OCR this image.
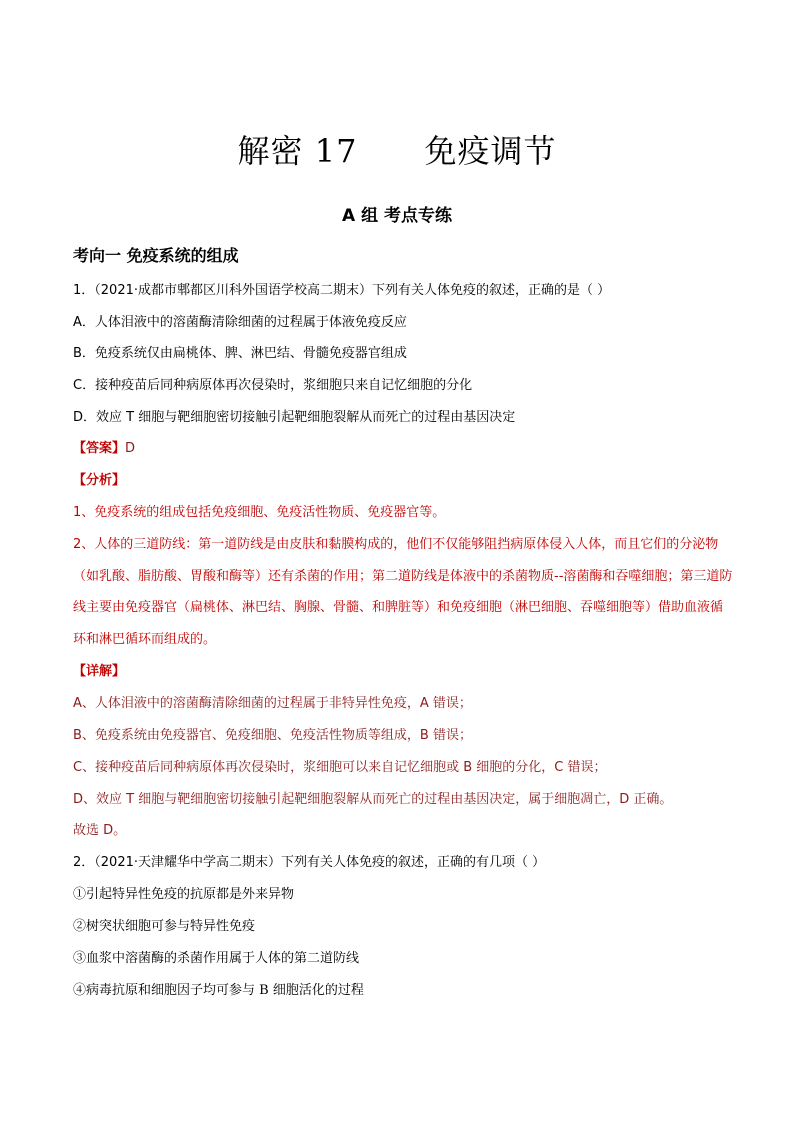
解密 17      免疫调节
A 组 考点专练
考向一 免疫系统的组成
1．（2021·成都市郫都区川科外国语学校高二期末）下列有关人体免疫的叙述，正确的是（ ）
A．人体泪液中的溶菌酶清除细菌的过程属于体液免疫反应
B．免疫系统仅由扁桃体、脾、淋巴结、骨髓免疫器官组成
C．接种疫苗后同种病原体再次侵染时，浆细胞只来自记忆细胞的分化
D．效应 T 细胞与靶细胞密切接触引起靶细胞裂解从而死亡的过程由基因决定
【答案】D
【分析】
1、免疫系统的组成包括免疫细胞、免疫活性物质、免疫器官等。
2、人体的三道防线：第一道防线是由皮肤和黏膜构成的，他们不仅能够阻挡病原体侵入人体，而且它们的分泌物（如乳酸、脂肪酸、胃酸和酶等）还有杀菌的作用；第二道防线是体液中的杀菌物质--溶菌酶和吞噬细胞；第三道防线主要由免疫器官（扁桃体、淋巴结、胸腺、骨髓、和脾脏等）和免疫细胞（淋巴细胞、吞噬细胞等）借助血液循环和淋巴循环而组成的。
【详解】
A、人体泪液中的溶菌酶清除细菌的过程属于非特异性免疫，A 错误；
B、免疫系统由免疫器官、免疫细胞、免疫活性物质等组成，B 错误；
C、接种疫苗后同种病原体再次侵染时，浆细胞可以来自记忆细胞或 B 细胞的分化，C 错误；
D、效应 T 细胞与靶细胞密切接触引起靶细胞裂解从而死亡的过程由基因决定，属于细胞凋亡，D 正确。
故选 D。
2．（2021·天津耀华中学高二期末）下列有关人体免疫的叙述，正确的有几项（ ）
①引起特异性免疫的抗原都是外来异物
②树突状细胞可参与特异性免疫
③血浆中溶菌酶的杀菌作用属于人体的第二道防线
④病毒抗原和细胞因子均可参与 B 细胞活化的过程
